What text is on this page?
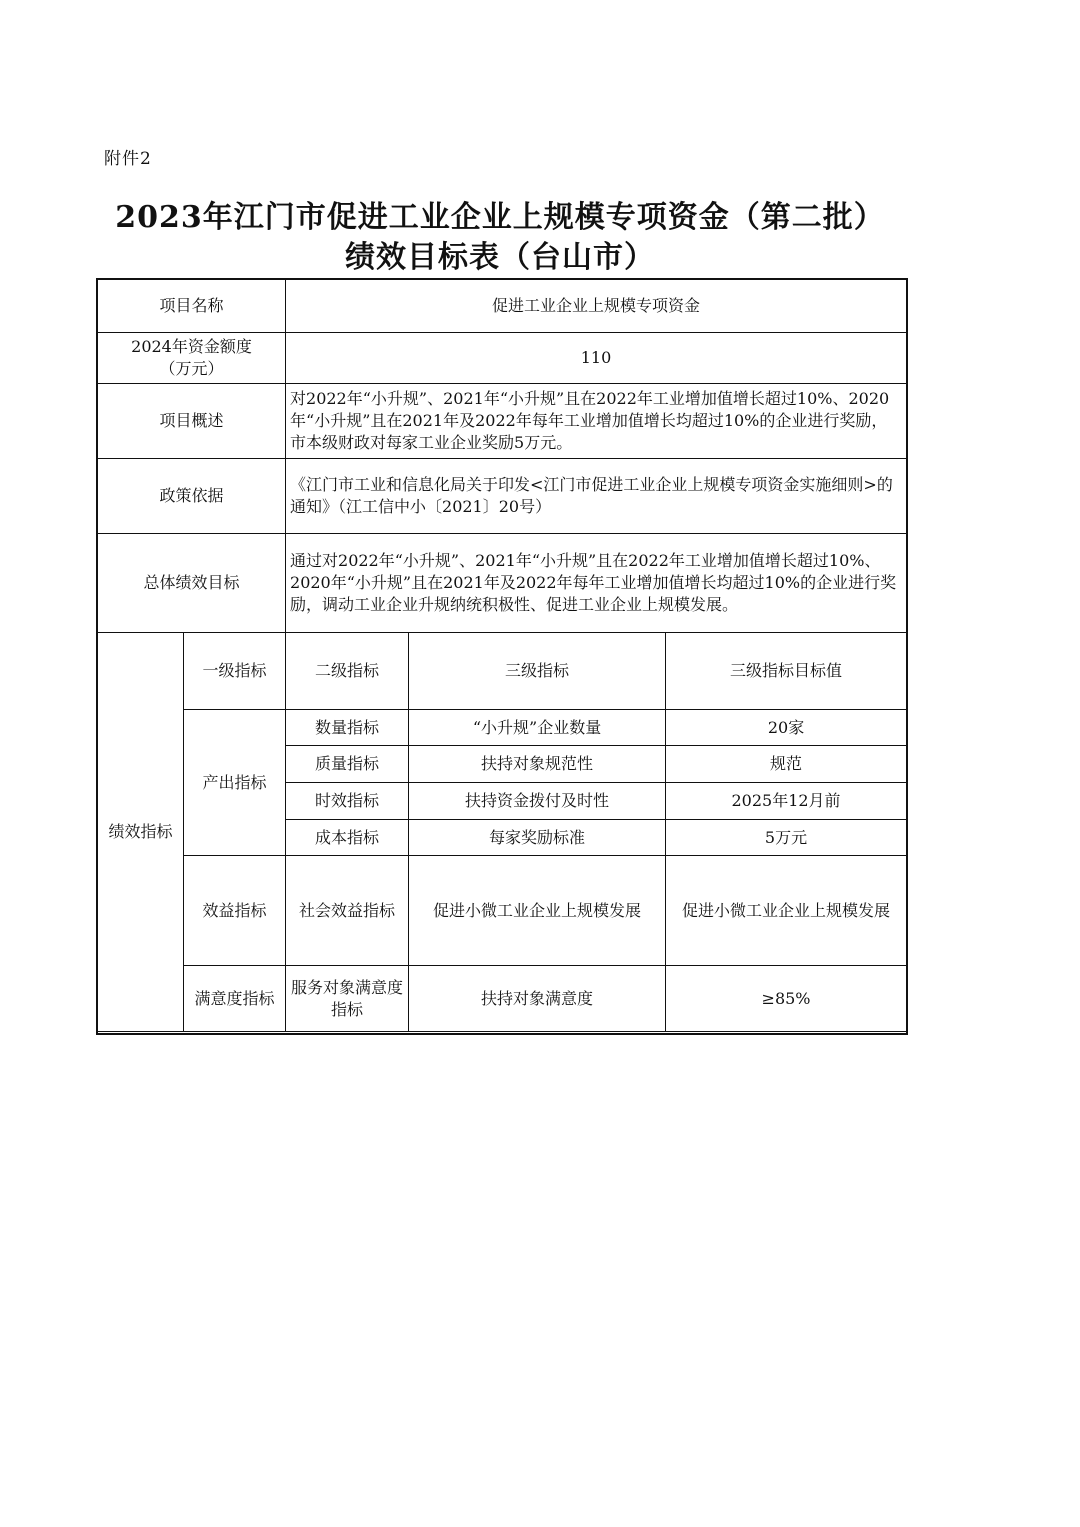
附件2
2023年江门市促进工业企业上规模专项资金（第二批）
绩效目标表（台山市）
项目名称		促进工业企业上规模专项资金		

2024年资金额度
（万元）		110		
项目概述		对2022年“小升规”、2021年“小升规”且在2022年工业增加值增长超过10%、2020年“小升规”且在2021年及2022年每年工业增加值增长均超过10%的企业进行奖励，市本级财政对每家工业企业奖励5万元。		
政策依据		《江门市工业和信息化局关于印发<江门市促进工业企业上规模专项资金实施细则>的通知》（江工信中小〔2021〕20号）		
总体绩效目标		通过对2022年“小升规”、2021年“小升规”且在2022年工业增加值增长超过10%、2020年“小升规”且在2021年及2022年每年工业增加值增长均超过10%的企业进行奖励，调动工业企业升规纳统积极性、促进工业企业上规模发展。		
绩效指标	一级指标	二级指标	三级指标	三级指标目标值
	产出指标	数量指标	“小升规”企业数量	20家
		质量指标	扶持对象规范性	规范
		时效指标	扶持资金拨付及时性	2025年12月前
		成本指标	每家奖励标准	5万元
	效益指标	社会效益指标	促进小微工业企业上规模发展	促进小微工业企业上规模发展
	满意度指标	服务对象满意度指标	扶持对象满意度	≥85%
